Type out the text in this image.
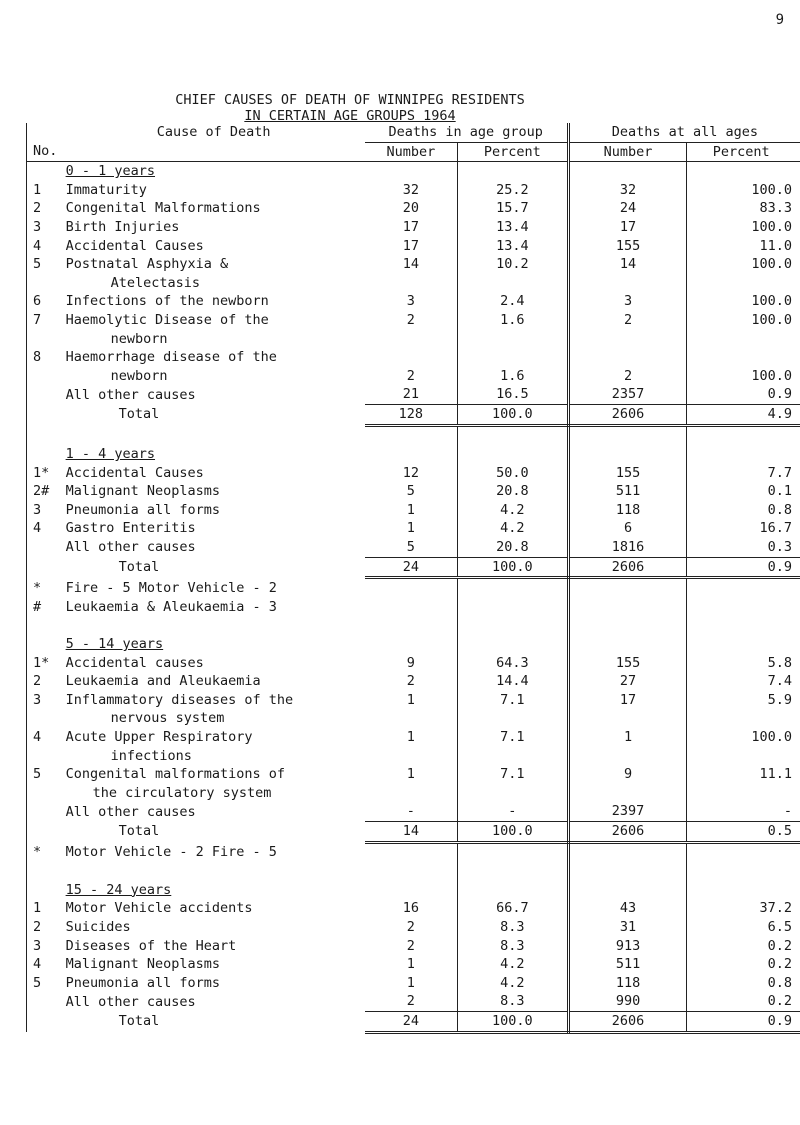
9
CHIEF CAUSES OF DEATH OF WINNIPEG RESIDENTS
IN CERTAIN AGE GROUPS 1964
	Cause of Death	Deaths in age group		Deaths at all ages	
No.		Number	Percent	Number	Percent
	0 - 1 years				
1	Immaturity	32	25.2	32	100.0
2	Congenital Malformations	20	15.7	24	83.3
3	Birth Injuries	17	13.4	17	100.0
4	Accidental Causes	17	13.4	155	11.0
5	Postnatal Asphyxia &	14	10.2	14	100.0
	Atelectasis				
6	Infections of the newborn	3	2.4	3	100.0
7	Haemolytic Disease of the	2	1.6	2	100.0
	newborn				
8	Haemorrhage disease of the				
	newborn	2	1.6	2	100.0
	All other causes	21	16.5	2357	0.9
	Total	128	100.0	2606	4.9

	1 - 4 years				
1*	Accidental Causes	12	50.0	155	7.7
2#	Malignant Neoplasms	5	20.8	511	0.1
3	Pneumonia all forms	1	4.2	118	0.8
4	Gastro Enteritis	1	4.2	6	16.7
	All other causes	5	20.8	1816	0.3
	Total	24	100.0	2606	0.9
*	Fire - 5 Motor Vehicle - 2				
#	Leukaemia & Aleukaemia - 3				

	5 - 14 years				
1*	Accidental causes	9	64.3	155	5.8
2	Leukaemia and Aleukaemia	2	14.4	27	7.4
3	Inflammatory diseases of the	1	7.1	17	5.9
	nervous system				
4	Acute Upper Respiratory	1	7.1	1	100.0
	infections				
5	Congenital malformations of	1	7.1	9	11.1
	the circulatory system				
	All other causes	-	-	2397	-
	Total	14	100.0	2606	0.5
*	Motor Vehicle - 2 Fire - 5				

	15 - 24 years				
1	Motor Vehicle accidents	16	66.7	43	37.2
2	Suicides	2	8.3	31	6.5
3	Diseases of the Heart	2	8.3	913	0.2
4	Malignant Neoplasms	1	4.2	511	0.2
5	Pneumonia all forms	1	4.2	118	0.8
	All other causes	2	8.3	990	0.2
	Total	24	100.0	2606	0.9
